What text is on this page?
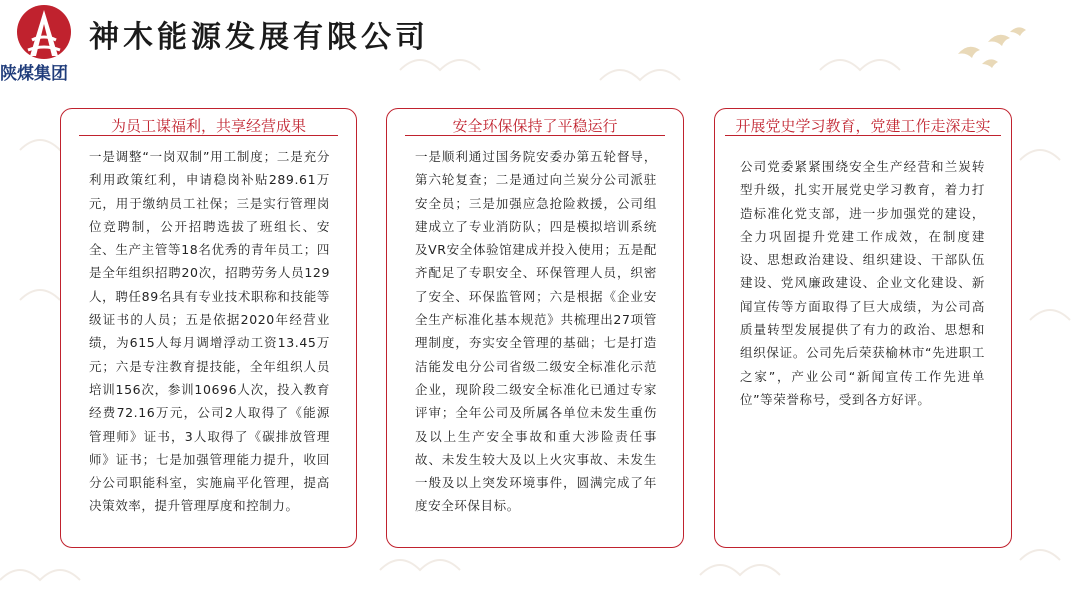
陕煤集团
神木能源发展有限公司
为员工谋福利，共享经营成果
一是调整“一岗双制”用工制度；二是充分利用政策红利，申请稳岗补贴289.61万元，用于缴纳员工社保；三是实行管理岗位竞聘制，公开招聘选拔了班组长、安全、生产主管等18名优秀的青年员工；四是全年组织招聘20次，招聘劳务人员129人，聘任89名具有专业技术职称和技能等级证书的人员；五是依据2020年经营业绩，为615人每月调增浮动工资13.45万元；六是专注教育提技能，全年组织人员培训156次，参训10696人次，投入教育经费72.16万元，公司2人取得了《能源管理师》证书，3人取得了《碳排放管理师》证书；七是加强管理能力提升，收回分公司职能科室，实施扁平化管理，提高决策效率，提升管理厚度和控制力。
安全环保保持了平稳运行
一是顺利通过国务院安委办第五轮督导，第六轮复查；二是通过向兰炭分公司派驻安全员；三是加强应急抢险救援，公司组建成立了专业消防队；四是模拟培训系统及VR安全体验馆建成并投入使用；五是配齐配足了专职安全、环保管理人员，织密了安全、环保监管网；六是根据《企业安全生产标准化基本规范》共梳理出27项管理制度，夯实安全管理的基础；七是打造洁能发电分公司省级二级安全标准化示范企业，现阶段二级安全标准化已通过专家评审；全年公司及所属各单位未发生重伤及以上生产安全事故和重大涉险责任事故、未发生较大及以上火灾事故、未发生一般及以上突发环境事件，圆满完成了年度安全环保目标。
开展党史学习教育，党建工作走深走实
公司党委紧紧围绕安全生产经营和兰炭转型升级，扎实开展党史学习教育，着力打造标准化党支部，进一步加强党的建设，全力巩固提升党建工作成效，在制度建设、思想政治建设、组织建设、干部队伍建设、党风廉政建设、企业文化建设、新闻宣传等方面取得了巨大成绩，为公司高质量转型发展提供了有力的政治、思想和组织保证。公司先后荣获榆林市“先进职工之家”，产业公司“新闻宣传工作先进单位”等荣誉称号，受到各方好评。
